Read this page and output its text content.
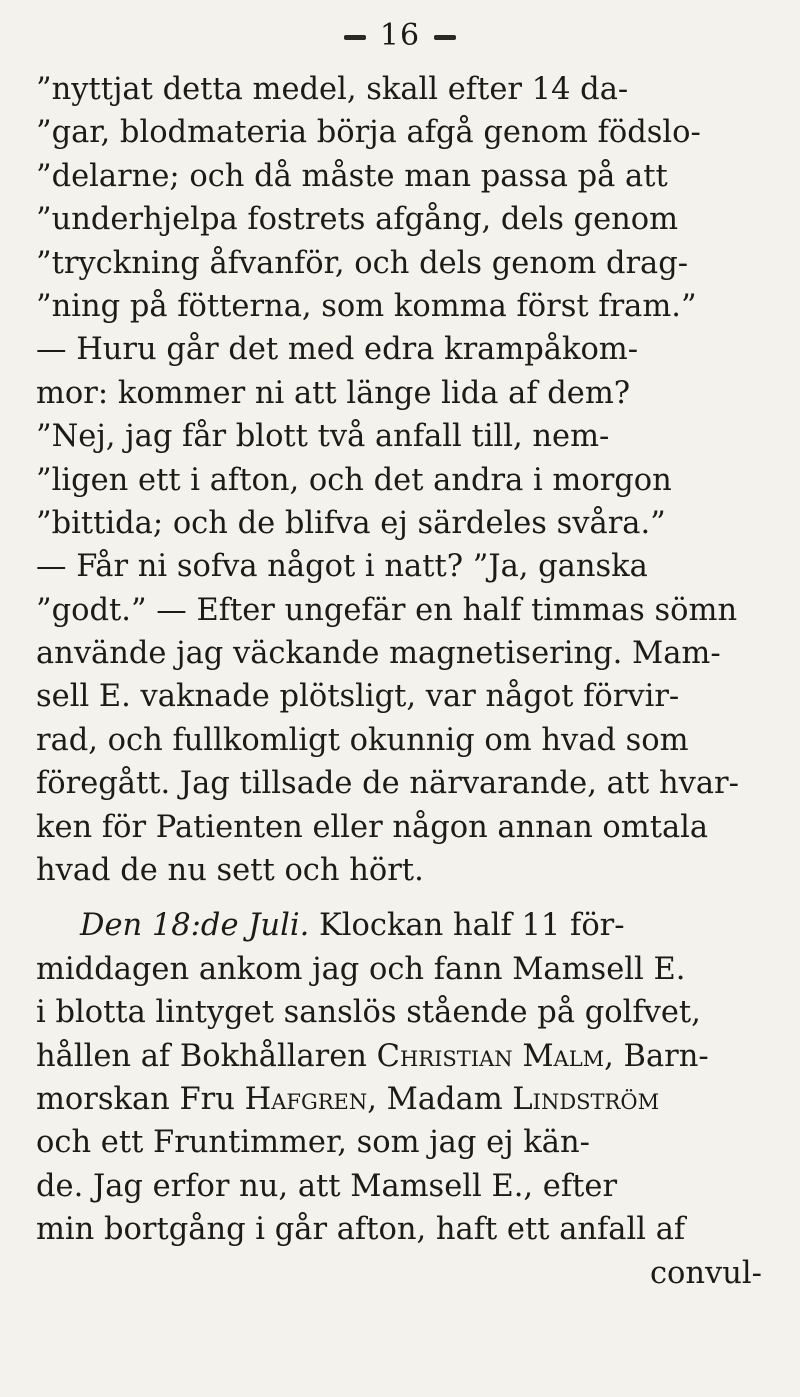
16
”nyttjat detta medel, skall efter 14 da-
”gar, blodmateria börja afgå genom födslo-
”delarne; och då måste man passa på att
”underhjelpa fostrets afgång, dels genom
”tryckning åfvanför, och dels genom drag-
”ning på fötterna, som komma först fram.”
— Huru går det med edra krampåkom-
mor: kommer ni att länge lida af dem?
”Nej, jag får blott två anfall till, nem-
”ligen ett i afton, och det andra i morgon
”bittida; och de blifva ej särdeles svåra.”
— Får ni sofva något i natt? ”Ja, ganska
”godt.” — Efter ungefär en half timmas sömn
använde jag väckande magnetisering. Mam-
sell E. vaknade plötsligt, var något förvir-
rad, och fullkomligt okunnig om hvad som
föregått. Jag tillsade de närvarande, att hvar-
ken för Patienten eller någon annan omtala
hvad de nu sett och hört.
Den 18:de Juli. Klockan half 11 för-
middagen ankom jag och fann Mamsell E.
i blotta lintyget sanslös stående på golfvet,
hållen af Bokhållaren Christian Malm, Barn-
morskan Fru Hafgren, Madam Lindström
och ett Fruntimmer, som jag ej kän-
de. Jag erfor nu, att Mamsell E., efter
min bortgång i går afton, haft ett anfall af
convul-
